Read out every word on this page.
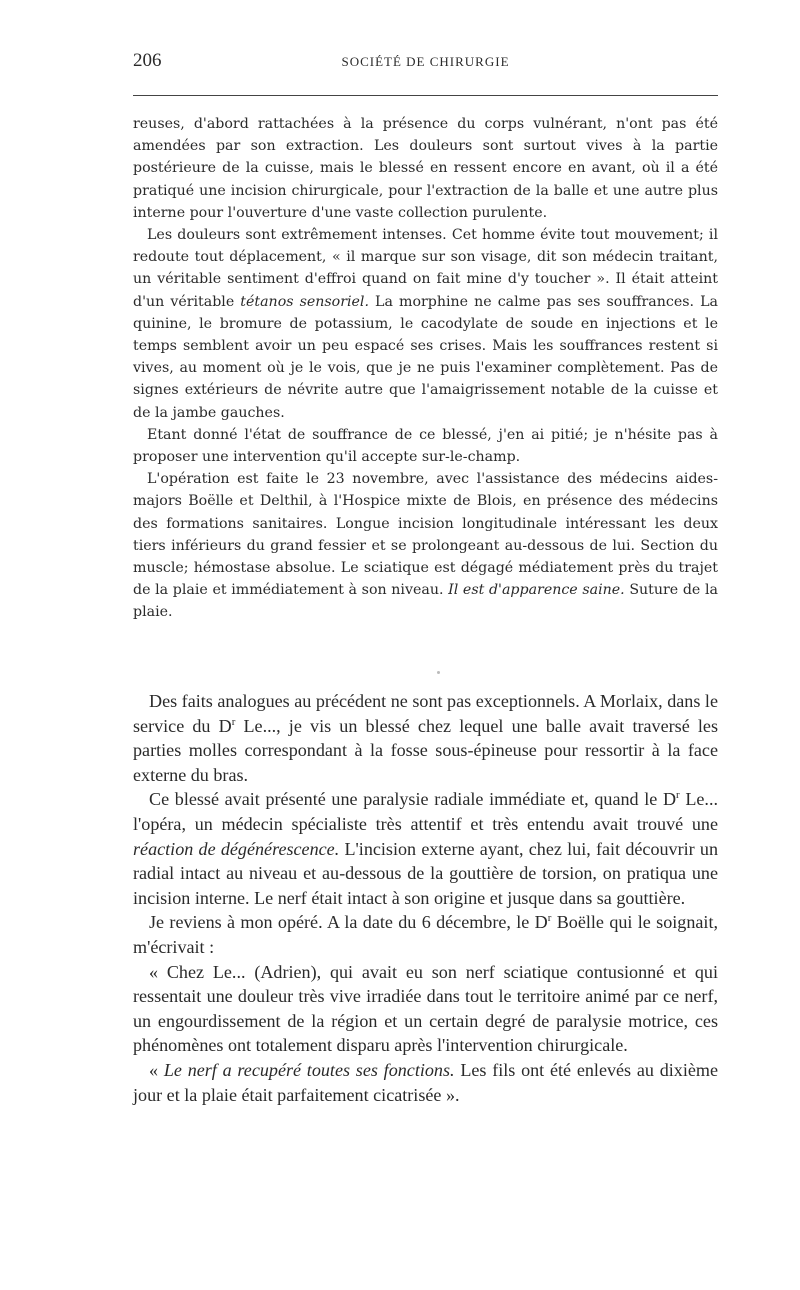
206	SOCIÉTÉ DE CHIRURGIE

reuses, d'abord rattachées à la présence du corps vulnérant, n'ont pas été amendées par son extraction. Les douleurs sont surtout vives à la partie postérieure de la cuisse, mais le blessé en ressent encore en avant, où il a été pratiqué une incision chirurgicale, pour l'extraction de la balle et une autre plus interne pour l'ouverture d'une vaste collection purulente.

Les douleurs sont extrêmement intenses. Cet homme évite tout mouvement; il redoute tout déplacement, « il marque sur son visage, dit son médecin traitant, un véritable sentiment d'effroi quand on fait mine d'y toucher ». Il était atteint d'un véritable tétanos sensoriel. La morphine ne calme pas ses souffrances. La quinine, le bromure de potassium, le cacodylate de soude en injections et le temps semblent avoir un peu espacé ses crises. Mais les souffrances restent si vives, au moment où je le vois, que je ne puis l'examiner complètement. Pas de signes extérieurs de névrite autre que l'amaigrissement notable de la cuisse et de la jambe gauches.

Etant donné l'état de souffrance de ce blessé, j'en ai pitié; je n'hésite pas à proposer une intervention qu'il accepte sur-le-champ.

L'opération est faite le 23 novembre, avec l'assistance des médecins aides-majors Boëlle et Delthil, à l'Hospice mixte de Blois, en présence des médecins des formations sanitaires. Longue incision longitudinale intéressant les deux tiers inférieurs du grand fessier et se prolongeant au-dessous de lui. Section du muscle; hémostase absolue. Le sciatique est dégagé médiatement près du trajet de la plaie et immédiatement à son niveau. Il est d'apparence saine. Suture de la plaie.

Des faits analogues au précédent ne sont pas exceptionnels. A Morlaix, dans le service du $D^r$ Le..., je vis un blessé chez lequel une balle avait traversé les parties molles correspondant à la fosse sous-épineuse pour ressortir à la face externe du bras.

Ce blessé avait présenté une paralysie radiale immédiate et, quand le $D^r$ Le... l'opéra, un médecin spécialiste très attentif et très entendu avait trouvé une réaction de dégénérescence. L'incision externe ayant, chez lui, fait découvrir un radial intact au niveau et au-dessous de la gouttière de torsion, on pratiqua une incision interne. Le nerf était intact à son origine et jusque dans sa gouttière.

Je reviens à mon opéré. A la date du 6 décembre, le $D^r$ Boëlle qui le soignait, m'écrivait :

« Chez Le... (Adrien), qui avait eu son nerf sciatique contusionné et qui ressentait une douleur très vive irradiée dans tout le territoire animé par ce nerf, un engourdissement de la région et un certain degré de paralysie motrice, ces phénomènes ont totalement disparu après l'intervention chirurgicale.

« Le nerf a recupéré toutes ses fonctions. Les fils ont été enlevés au dixième jour et la plaie était parfaitement cicatrisée ».
